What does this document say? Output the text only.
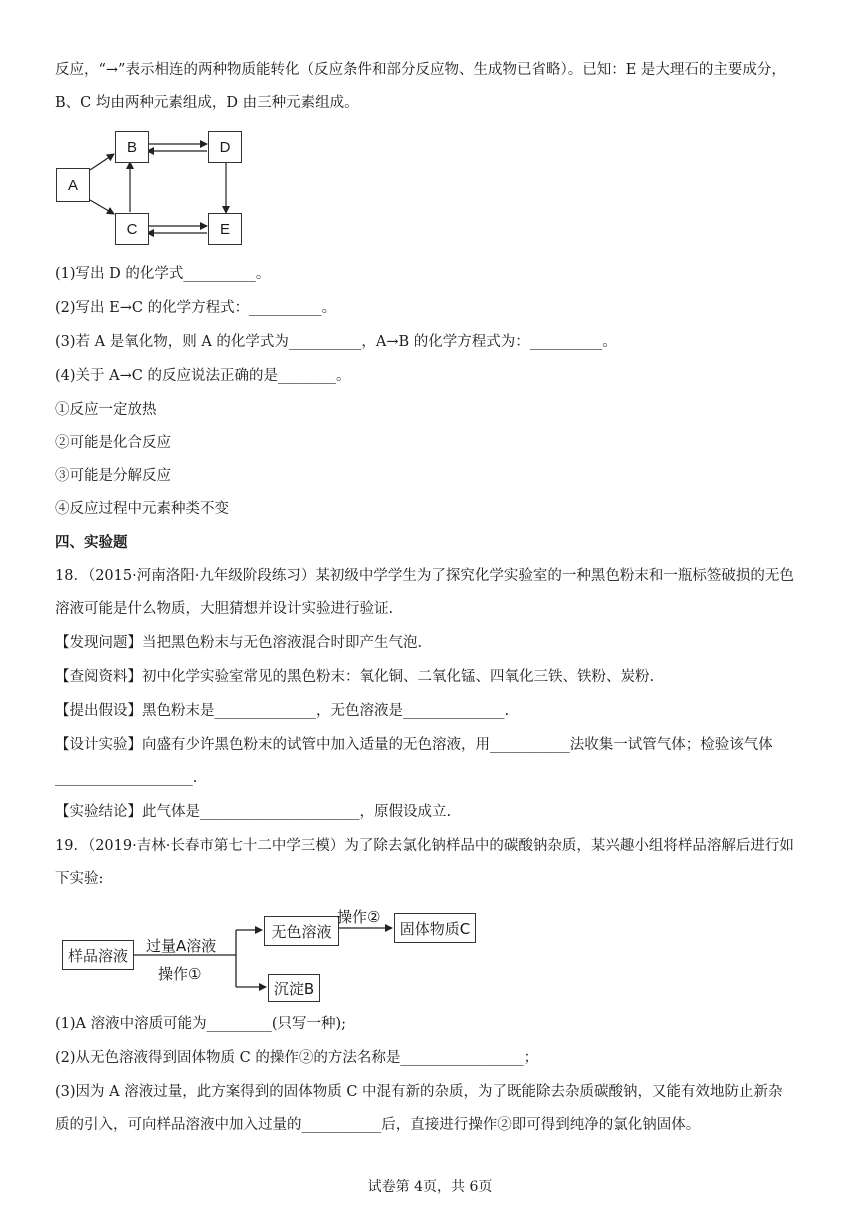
反应，“→”表示相连的两种物质能转化（反应条件和部分反应物、生成物已省略）。已知：E 是大理石的主要成分，
B、C 均由两种元素组成，D 由三种元素组成。
A
B	D
C	E
(1)写出 D 的化学式__________。
(2)写出 E→C 的化学方程式：__________。
(3)若 A 是氧化物，则 A 的化学式为__________，A→B 的化学方程式为：__________。
(4)关于 A→C 的反应说法正确的是________。
①反应一定放热
②可能是化合反应
③可能是分解反应
④反应过程中元素种类不变
四、实验题
18．（2015·河南洛阳·九年级阶段练习）某初级中学学生为了探究化学实验室的一种黑色粉末和一瓶标签破损的无色
溶液可能是什么物质，大胆猜想并设计实验进行验证.
【发现问题】当把黑色粉末与无色溶液混合时即产生气泡.
【查阅资料】初中化学实验室常见的黑色粉末：氧化铜、二氧化锰、四氧化三铁、铁粉、炭粉.
【提出假设】黑色粉末是______________，无色溶液是______________.
【设计实验】向盛有少许黑色粉末的试管中加入适量的无色溶液，用___________法收集一试管气体；检验该气体
___________________.
【实验结论】此气体是______________________，原假设成立.
19．（2019·吉林·长春市第七十二中学三模）为了除去氯化钠样品中的碳酸钠杂质，某兴趣小组将样品溶解后进行如
下实验:
样品溶液
过量A溶液
操作①
无色溶液
操作②
固体物质C
沉淀B
(1)A 溶液中溶质可能为_________(只写一种);
(2)从无色溶液得到固体物质 C 的操作②的方法名称是_________________；
(3)因为 A 溶液过量，此方案得到的固体物质 C 中混有新的杂质，为了既能除去杂质碳酸钠，又能有效地防止新杂
质的引入，可向样品溶液中加入过量的___________后，直接进行操作②即可得到纯净的氯化钠固体。
试卷第 4页，共 6页
